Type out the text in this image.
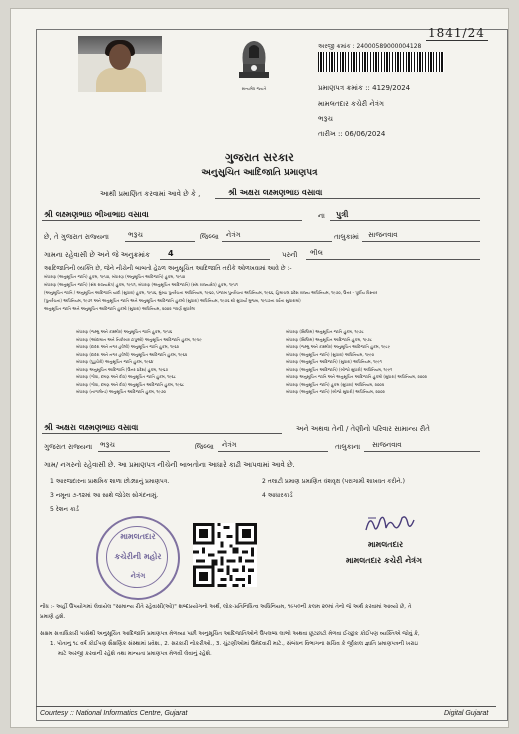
સત્યમેવ જયતે
1841/24
અરજી ક્રમાંક : 24000589000004128
પ્રમાણપત્ર ક્રમાંક :: 4129/2024
મામલતદાર કચેરી નેત્રંગ
ભરૂચ
તારીખ :: 06/06/2024
ગુજરાત સરકાર
અનુસુચિત આદિજાતિ પ્રમાણપત્ર
આથી પ્રમાણિત કરવામાં આવે છે કે ,	શ્રી અક્ષરા લક્ષ્મણભાઇ વસાવા
શ્રી લક્ષ્મણભાઇ ભીખાભાઇ વસાવા	ના પુત્રી
છે, તે ગુજરાત રાજ્યના	ભરૂચ	જિલ્લા નેત્રંગ	તાલુકામાં સાજનવાવ
ગામના રહેવાસી છે અને જે અનુક્રમાંક 4	પરની ભીલ
આદિજાતિની વ્યક્તિ છે, જેને નીચેની બાબતો હેઠળ અનુસૂચિત આદિજાતિ તરીકે ઓળખવામાં આવે છે :-
બંધારણ (અનુસૂચિત જાતિ) હુકમ, ૧૯૫૦, બંધારણ (અનુસૂચિત આદિજાતિ) હુકમ, ૧૯૫૦
બંધારણ (અનુસૂચિત જાતિ) (સંઘ રાજ્યક્ષેત્ર) હુકમ, ૧૯૫૧, બંધારણ (અનુસૂચિત આદિજાતિ) (સંઘ રાજ્યક્ષેત્ર) હુકમ, ૧૯૫૧
(અનુસૂચિત જાતિ / અનુસૂચિત આદિજાતિ યાદી (સુધારા) હુકમ, ૧૯૫૬, મુંબઇ પુનર્રચના અધિનિયમ, ૧૯૬૦, પંજાબ પુનર્રચના અધિનિયમ, ૧૯૬૬, હિમાચલ પ્રદેશ રાજ્ય અધિનિયમ, ૧૯૭૦, ઉત્તર - પૂર્વીય વિસ્તાર
(પુનર્રચના) અધિનિયમ, ૧૯૭૧ અને અનુસૂચિત જાતિ અને અનુસૂચિત આદિજાતિ હુકમો (સુધારા) અધિનિયમ, ૧૯૭૬ થી સુધાર્યા મુજબ, ૧૯૫૭ના વર્ષના સુધારામાં)
અનુસૂચિત જાતિ અને અનુસૂચિત આદિજાતિ હુકમો (સુધારા) અધિનિયમ, ૨૦૦૨ ગવર્ણ સુધારેલ
બંધારણ (જમ્મુ અને કાશ્મીર) અનુસૂચિત જાતિ હુકમ, ૧૯૫૬
બંધારણ (આંદામાન અને નિકોબાર ટાપુઓ) અનુસૂચિત આદિજાતિ હુકમ, ૧૯૫૯
બંધારણ (દાદરા અને નગર હવેલી) અનુસૂચિત જાતિ હુકમ, ૧૯૬૨
બંધારણ (દાદરા અને નગર હવેલી) અનુસૂચિત આદિજાતિ હુકમ, ૧૯૬૨
બંધારણ (પુડુચેરી) અનુસૂચિત જાતિ હુકમ, ૧૯૬૪
બંધારણ અનુસૂચિત આદિજાતિ (ઉત્તર પ્રદેશ) હુકમ, ૧૯૬૭
બંધારણ (ગોવા, દમણ અને દીવ) અનુસૂચિત જાતિ હુકમ, ૧૯૬૮
બંધારણ (ગોવા, દમણ અને દીવ) અનુસૂચિત આદિજાતિ હુકમ, ૧૯૬૮
બંધારણ (નાગાલેન્ડ) અનુસૂચિત આદિજાતિ હુકમ, ૧૯૭૦
બંધારણ (સિક્કિમ) અનુસૂચિત જાતિ હુકમ, ૧૯૭૮
બંધારણ (સિક્કિમ) અનુસૂચિત આદિજાતિ હુકમ, ૧૯૭૮
બંધારણ (જમ્મુ અને કાશ્મીર) અનુસૂચિત આદિજાતિ હુકમ, ૧૯૮૯
બંધારણ (અનુસૂચિત જાતિ) (સુધારા) અધિનિયમ, ૧૯૯૦
બંધારણ (અનુસૂચિત આદિજાતિ) (સુધારા) અધિનિયમ, ૧૯૯૧
બંધારણ (અનુસૂચિત આદિજાતિ) (બીજો સુધારો) અધિનિયમ, ૧૯૯૧
બંધારણ અનુસૂચિત જાતિ અને અનુસૂચિત આદિજાતિ હુકમો (સુધારા) અધિનિયમ, ૨૦૦૨
બંધારણ (અનુસૂચિત જાતિ) હુકમ (સુધારા) અધિનિયમ, ૨૦૦૨
બંધારણ (અનુસૂચિત જાતિ) (બીજો સુધારો) અધિનિયમ, ૨૦૦૨
શ્રી અક્ષરા લક્ષ્મણભાઇ વસાવા	અને અથવા તેની / તેણીનો પરિવાર સામાન્ય રીતે
ગુજરાત રાજ્યના ભરૂચ	જિલ્લા નેત્રંગ	તાલુકાના સાજનવાવ
ગામ/ નગરનો રહેવાસી છે. આ પ્રમાણપત્ર નીચેની બાબતોના આધારે કાઢી આપવામાં આવે છે.
1 આરજદારના પ્રાથમિક શાળા છોડ્યાનું પ્રમાણપત્ર.	2 તલાટી પ્રમાણ પ્રમાણિત વંશવૃક્ષ (પરાગામી શાખવત કરીને.)
3 નમૂના ૭-૧૨માં આ સાથે જોડેલ સોગંદનામું.	4 આધારકાર્ડ
5 રેશન કાર્ડ
મામલતદાર
કચેરીની મહોર
નેત્રંગ
મામલતદાર
મામલતદાર કચેરી નેત્રંગ
નોંધ :- અહીં ઉપયોગમાં લેવાયેલ "સામાન્ય રીતે રહેવાસી(ઓ)" શબ્દપ્રયોગનો અર્થ, લોક-પ્રતિનિધિત્વ અધિનિયમ, ૧૯૫૦ની કલમ ૨૦માં તેનો જે અર્થ કરવામાં આવ્યો છે, તે
પ્રમાણે હશે.
સક્ષમ સત્તાધિકારી પાસેથી અનુસૂચિત આદિજાતિ પ્રમાણપત્ર મેળવ્યા પછી અનુસૂચિત આદિજાતિઓને ઉપલબ્ધ લાભો અથવા છૂટછાટો મેળવા ઈચ્છુક કોઈપણ વ્યક્તિએ જોવું કે,
1. પોતાનુ ૧૮ વર્ષ કોઈપણ શૈક્ષણિક સંસ્થામાં પ્રવેશ., 2. સરકારી નોકરીઓ., 3. ચુંટણીઓમાં ઉમેદવારી માટે., સંબંધન વિભાગના સચિવ કે ર્જીકાલ જ્ઞાતિ પ્રમાણપત્રની ખરાઇ
માટે અરજી કરવાની રહેશે તથા માન્યતા પ્રમાણપત્ર મેળવી લેવાનું રહેશે.
Courtesy :: National Informatics Centre, Gujarat	Digital Gujarat
